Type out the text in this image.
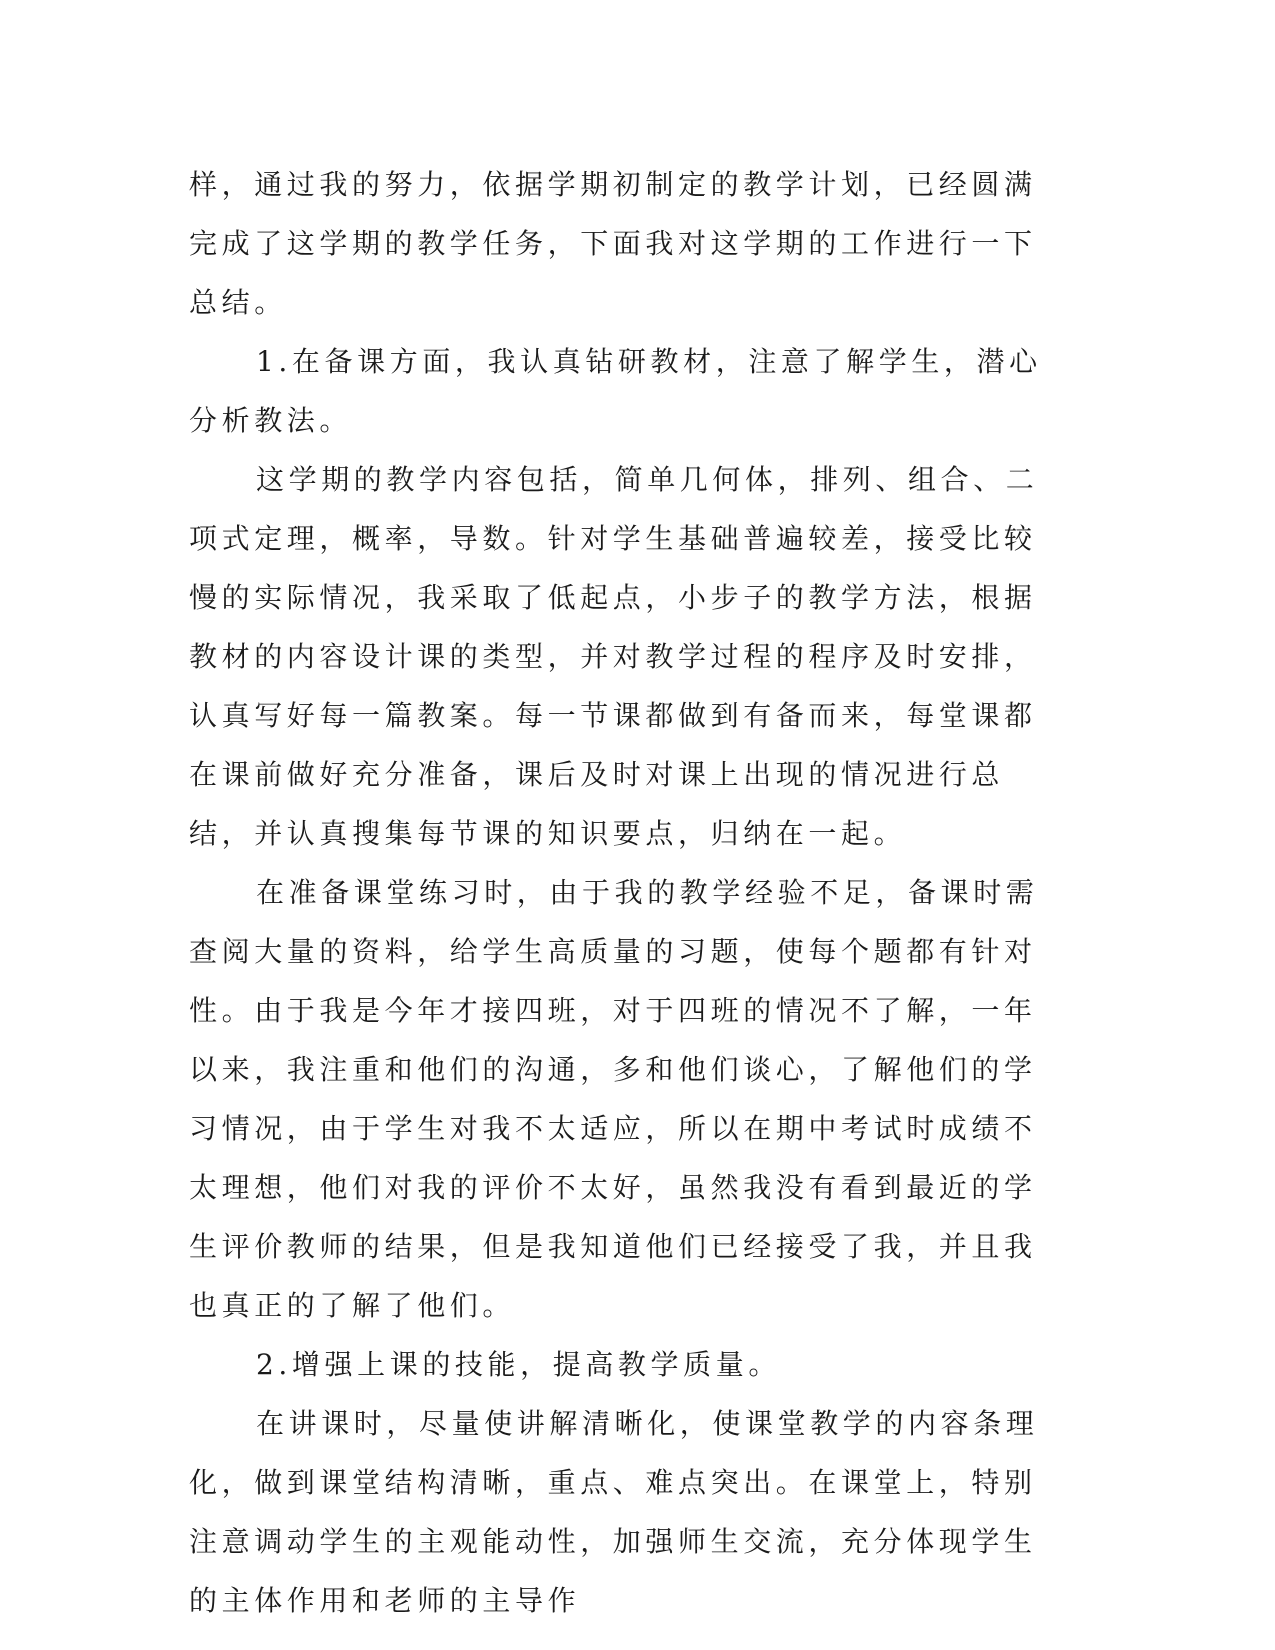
样，通过我的努力，依据学期初制定的教学计划，已经圆满完成了这学期的教学任务，下面我对这学期的工作进行一下总结。

1.在备课方面，我认真钻研教材，注意了解学生，潜心分析教法。

这学期的教学内容包括，简单几何体，排列、组合、二项式定理，概率，导数。针对学生基础普遍较差，接受比较慢的实际情况，我采取了低起点，小步子的教学方法，根据教材的内容设计课的类型，并对教学过程的程序及时安排，认真写好每一篇教案。每一节课都做到有备而来，每堂课都在课前做好充分准备，课后及时对课上出现的情况进行总结，并认真搜集每节课的知识要点，归纳在一起。

在准备课堂练习时，由于我的教学经验不足，备课时需查阅大量的资料，给学生高质量的习题，使每个题都有针对性。由于我是今年才接四班，对于四班的情况不了解，一年以来，我注重和他们的沟通，多和他们谈心，了解他们的学习情况，由于学生对我不太适应，所以在期中考试时成绩不太理想，他们对我的评价不太好，虽然我没有看到最近的学生评价教师的结果，但是我知道他们已经接受了我，并且我也真正的了解了他们。

2.增强上课的技能，提高教学质量。

在讲课时，尽量使讲解清晰化，使课堂教学的内容条理化，做到课堂结构清晰，重点、难点突出。在课堂上，特别注意调动学生的主观能动性，加强师生交流，充分体现学生的主体作用和老师的主导作
